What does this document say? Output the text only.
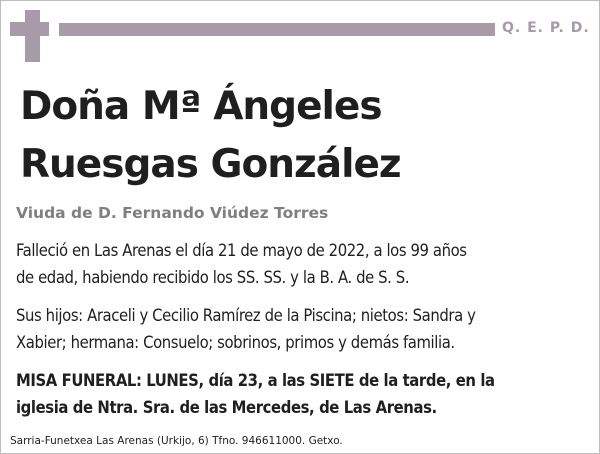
Q. E. P. D.
Doña Mª Ángeles
Ruesgas González
Viuda de D. Fernando Viúdez Torres
Falleció en Las Arenas el día 21 de mayo de 2022, a los 99 años
de edad, habiendo recibido los SS. SS. y la B. A. de S. S.
Sus hijos: Araceli y Cecilio Ramírez de la Piscina; nietos: Sandra y
Xabier; hermana: Consuelo; sobrinos, primos y demás familia.
MISA FUNERAL: LUNES, día 23, a las SIETE de la tarde, en la
iglesia de Ntra. Sra. de las Mercedes, de Las Arenas.
Sarria-Funetxea Las Arenas (Urkijo, 6) Tfno. 946611000. Getxo.
